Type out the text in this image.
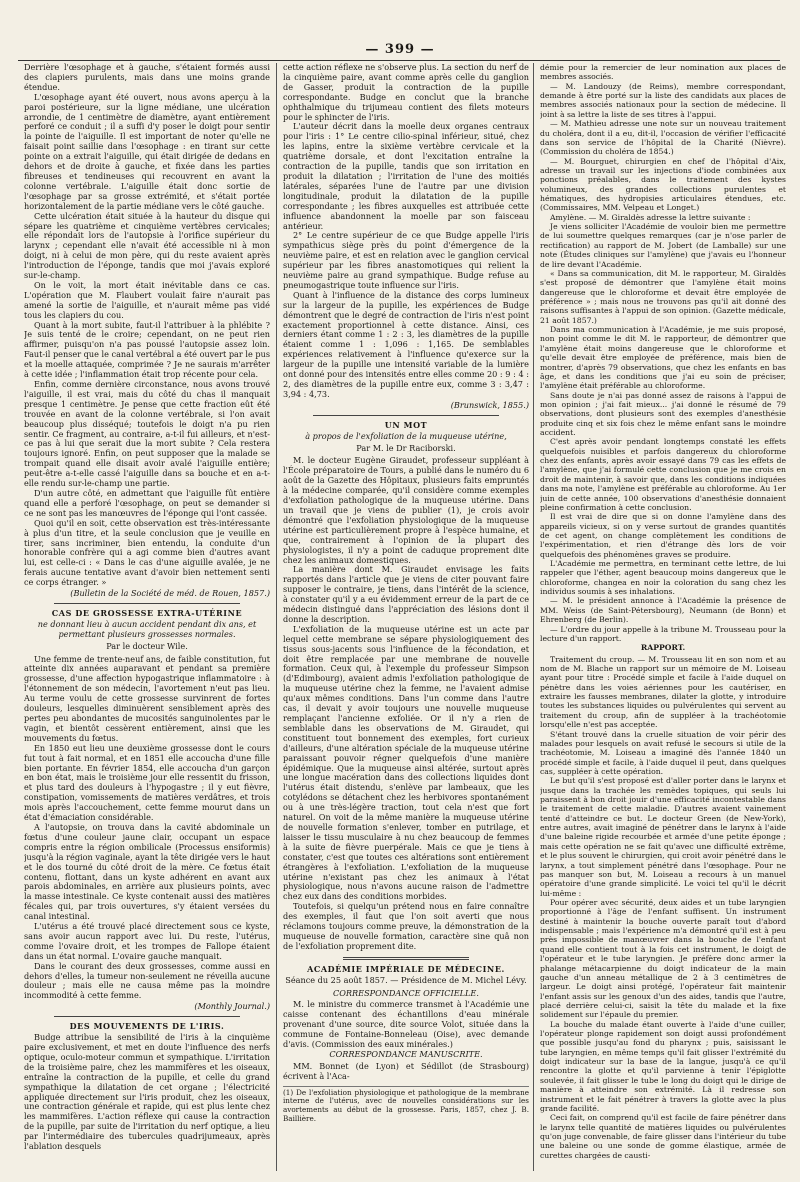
— 399 —

Derrière l'œsophage et à gauche, s'étaient formés aussi des clapiers purulents, mais dans une moins grande étendue.

L'œsophage ayant été ouvert, nous avons aperçu à la paroi postérieure, sur la ligne médiane, une ulcération arrondie, de 1 centimètre de diamètre, ayant entièrement perforé ce conduit ; il a suffi d'y poser le doigt pour sentir la pointe de l'aiguille. Il est important de noter qu'elle ne faisait point saillie dans l'œsophage : en tirant sur cette pointe on a extrait l'aiguille, qui était dirigée de dedans en dehors et de droite à gauche, et fixée dans les parties fibreuses et tendineuses qui recouvrent en avant la colonne vertébrale. L'aiguille était donc sortie de l'œsophage par sa grosse extrémité, et s'était portée horizontalement de la partie médiane vers le côté gauche.

Cette ulcération était située à la hauteur du disque qui sépare les quatrième et cinquième vertèbres cervicales; elle répondait lors de l'autopsie à l'orifice supérieur du larynx ; cependant elle n'avait été accessible ni à mon doigt, ni à celui de mon père, qui du reste avaient après l'introduction de l'éponge, tandis que moi j'avais exploré sur-le-champ.

On le voit, la mort était inévitable dans ce cas. L'opération que M. Flaubert voulait faire n'aurait pas amené la sortie de l'aiguille, et n'aurait même pas vidé tous les clapiers du cou.

Quant à la mort subite, faut-il l'attribuer à la phlébite ? Je suis tenté de le croire; cependant, on ne peut rien affirmer, puisqu'on n'a pas poussé l'autopsie assez loin. Faut-il penser que le canal vertébral a été ouvert par le pus et la moelle attaquée, comprimée ? Je ne saurais m'arrêter à cette idée ; l'inflammation était trop récente pour cela.

Enfin, comme dernière circonstance, nous avons trouvé l'aiguille, il est vrai, mais du côté du chas il manquait presque 1 centimètre. Je pense que cette fraction eût été trouvée en avant de la colonne vertébrale, si l'on avait beaucoup plus disséqué; toutefois le doigt n'a pu rien sentir. Ce fragment, au contraire, a-t-il fui ailleurs, et n'est-ce pas à lui que serait due la mort subite ? Cela restera toujours ignoré. Enfin, on peut supposer que la malade se trompait quand elle disait avoir avalé l'aiguille entière; peut-être a-t-elle cassé l'aiguille dans sa bouche et en a-t-elle rendu sur-le-champ une partie.

D'un autre côté, en admettant que l'aiguille fût entière quand elle a perforé l'œsophage, on peut se demander si ce ne sont pas les manœuvres de l'éponge qui l'ont cassée.

Quoi qu'il en soit, cette observation est très-intéressante à plus d'un titre, et la seule conclusion que je veuille en tirer, sans incriminer, bien entendu, la conduite d'un honorable confrère qui a agi comme bien d'autres avant lui, est celle-ci : « Dans le cas d'une aiguille avalée, je ne ferais aucune tentative avant d'avoir bien nettement senti ce corps étranger. »

(Bulletin de la Société de méd. de Rouen, 1857.)
CAS DE GROSSESSE EXTRA-UTÉRINE
ne donnant lieu à aucun accident pendant dix ans, et permettant plusieurs grossesses normales.
Par le docteur Wile.

Une femme de trente-neuf ans, de faible constitution, fut atteinte dix années auparavant et pendant sa première grossesse, d'une affection hypogastrique inflammatoire : à l'étonnement de son médecin, l'avortement n'eut pas lieu. Au terme voulu de cette grossesse survinrent de fortes douleurs, lesquelles diminuèrent sensiblement après des pertes peu abondantes de mucosités sanguinolentes par le vagin, et bientôt cessèrent entièrement, ainsi que les mouvements du fœtus.

En 1850 eut lieu une deuxième grossesse dont le cours fut tout à fait normal, et en 1851 elle accoucha d'une fille bien portante. En février 1854, elle accoucha d'un garçon en bon état, mais le troisième jour elle ressentit du frisson, et plus tard des douleurs à l'hypogastre ; il y eut fièvre, constipation, vomissements de matières verdâtres, et trois mois après l'accouchement, cette femme mourut dans un état d'émaciation considérable.

A l'autopsie, on trouva dans la cavité abdominale un fœtus d'une couleur jaune clair, occupant un espace compris entre la région ombilicale (Processus ensiformis) jusqu'à la région vaginale, ayant la tête dirigée vers le haut et le dos tourné du côté droit de la mère. Ce fœtus était contenu, flottant, dans un kyste adhérent en avant aux parois abdominales, en arrière aux plusieurs points, avec la masse intestinale. Ce kyste contenait aussi des matières fécales qui, par trois ouvertures, s'y étaient versées du canal intestinal.

L'utérus a été trouvé placé directement sous ce kyste, sans avoir aucun rapport avec lui. Du reste, l'utérus, comme l'ovaire droit, et les trompes de Fallope étaient dans un état normal. L'ovaire gauche manquait.

Dans le courant des deux grossesses, comme aussi en dehors d'elles, la tumeur non-seulement ne réveilla aucune douleur ; mais elle ne causa même pas la moindre incommodité à cette femme.

(Monthly Journal.)
DES MOUVEMENTS DE L'IRIS.

Budge attribue la sensibilité de l'iris à la cinquième paire exclusivement, et met en doute l'influence des nerfs optique, oculo-moteur commun et sympathique. L'irritation de la troisième paire, chez les mammifères et les oiseaux, entraîne la contraction de la pupille, et celle du grand sympathique la dilatation de cet organe ; l'électricité appliquée directement sur l'iris produit, chez les oiseaux, une contraction générale et rapide, qui est plus lente chez les mammifères. L'action réflexe qui cause la contraction de la pupille, par suite de l'irritation du nerf optique, a lieu par l'intermédiaire des tubercules quadrijumeaux, après l'ablation desquels

cette action réflexe ne s'observe plus. La section du nerf de la cinquième paire, avant comme après celle du ganglion de Gasser, produit la contraction de la pupille correspondante. Budge en conclut que la branche ophthalmique du trijumeau contient des filets moteurs pour le sphincter de l'iris.

L'auteur décrit dans la moelle deux organes centraux pour l'iris : 1° Le centre cilio-spinal inférieur, situé, chez les lapins, entre la sixième vertèbre cervicale et la quatrième dorsale, et dont l'excitation entraîne la contraction de la pupille, tandis que son irritation en produit la dilatation ; l'irritation de l'une des moitiés latérales, séparées l'une de l'autre par une division longitudinale, produit la dilatation de la pupille correspondante ; les fibres auxquelles est attribuée cette influence abandonnent la moelle par son faisceau antérieur.

2° Le centre supérieur de ce que Budge appelle l'iris sympathicus siège près du point d'émergence de la neuvième paire, et est en relation avec le ganglion cervical supérieur par les fibres anastomotiques qui relient la neuvième paire au grand sympathique. Budge refuse au pneumogastrique toute influence sur l'iris.

Quant à l'influence de la distance des corps lumineux sur la largeur de la pupille, les expériences de Budge démontrent que le degré de contraction de l'iris n'est point exactement proportionnel à cette distance. Ainsi, ces derniers étant comme 1 : 2 : 3, les diamètres de la pupille étaient comme 1 : 1,096 : 1,165. De semblables expériences relativement à l'influence qu'exerce sur la largeur de la pupille une intensité variable de la lumière ont donné pour des intensités entre elles comme 20 : 9 : 4 : 2, des diamètres de la pupille entre eux, comme 3 : 3,47 : 3,94 : 4,73.

(Brunswick, 1855.)
UN MOT
à propos de l'exfoliation de la muqueuse utérine,
Par M. le Dr Raciborski.

M. le docteur Eugène Giraudet, professeur suppléant à l'École préparatoire de Tours, a publié dans le numéro du 6 août de la Gazette des Hôpitaux, plusieurs faits empruntés à la médecine comparée, qu'il considère comme exemples d'exfoliation pathologique de la muqueuse utérine. Dans un travail que je viens de publier (1), je crois avoir démontré que l'exfoliation physiologique de la muqueuse utérine est particulièrement propre à l'espèce humaine, et que, contrairement à l'opinion de la plupart des physiologistes, il n'y a point de caduque proprement dite chez les animaux domestiques.

La manière dont M. Giraudet envisage les faits rapportés dans l'article que je viens de citer pouvant faire supposer le contraire, je tiens, dans l'intérêt de la science, à constater qu'il y a eu évidemment erreur de la part de ce médecin distingué dans l'appréciation des lésions dont il donne la description.

L'exfoliation de la muqueuse utérine est un acte par lequel cette membrane se sépare physiologiquement des tissus sous-jacents sous l'influence de la fécondation, et doit être remplacée par une membrane de nouvelle formation. Ceux qui, à l'exemple du professeur Simpson (d'Edimbourg), avaient admis l'exfoliation pathologique de la muqueuse utérine chez la femme, ne l'avaient admise qu'aux mêmes conditions. Dans l'un comme dans l'autre cas, il devait y avoir toujours une nouvelle muqueuse remplaçant l'ancienne exfoliée. Or il n'y a rien de semblable dans les observations de M. Giraudet, qui constituent tout bonnement des exemples, fort curieux d'ailleurs, d'une altération spéciale de la muqueuse utérine paraissant pouvoir régner quelquefois d'une manière épidémique. Que la muqueuse ainsi altérée, surtout après une longue macération dans des collections liquides dont l'utérus était distendu, s'enlève par lambeaux, que les cotylédons se détachent chez les herbivores spontanément ou à une très-légère traction, tout cela n'est que fort naturel. On voit de la même manière la muqueuse utérine de nouvelle formation s'enlever, tomber en putrilage, et laisser le tissu musculaire à nu chez beaucoup de femmes à la suite de fièvre puerpérale. Mais ce que je tiens à constater, c'est que toutes ces altérations sont entièrement étrangères à l'exfoliation. L'exfoliation de la muqueuse utérine n'existant pas chez les animaux à l'état physiologique, nous n'avons aucune raison de l'admettre chez eux dans des conditions morbides.

Toutefois, si quelqu'un prétend nous en faire connaître des exemples, il faut que l'on soit averti que nous réclamons toujours comme preuve, la démonstration de la muqueuse de nouvelle formation, caractère sine quâ non de l'exfoliation proprement dite.

ACADÉMIE IMPÉRIALE DE MÉDECINE.
Séance du 25 août 1857. — Présidence de M. Michel Lévy.
CORRESPONDANCE OFFICIELLE.

M. le ministre du commerce transmet à l'Académie une caisse contenant des échantillons d'eau minérale provenant d'une source, dite source Volot, située dans la commune de Fontaine-Bonneleau (Oise), avec demande d'avis. (Commission des eaux minérales.)

CORRESPONDANCE MANUSCRITE.

MM. Bonnet (de Lyon) et Sédillot (de Strasbourg) écrivent à l'Aca-

(1) De l'exfoliation physiologique et pathologique de la membrane interne de l'utérus, avec de nouvelles considérations sur les avortements au début de la grossesse. Paris, 1857, chez J. B. Baillière.

démie pour la remercier de leur nomination aux places de membres associés.

— M. Landouzy (de Reims), membre correspondant, demande à être porté sur la liste des candidats aux places de membres associés nationaux pour la section de médecine. Il joint à sa lettre la liste de ses titres à l'appui.

— M. Mathieu adresse une note sur un nouveau traitement du choléra, dont il a eu, dit-il, l'occasion de vérifier l'efficacité dans son service de l'hôpital de la Charité (Nièvre). (Commission du choléra de 1854.)

— M. Bourguet, chirurgien en chef de l'hôpital d'Aix, adresse un travail sur les injections d'iode combinées aux ponctions préalables, dans le traitement des kystes volumineux, des grandes collections purulentes et hématiques, des hydropisies articulaires étendues, etc. (Commissaires, MM. Velpeau et Longet.)

Amylène. — M. Giraldès adresse la lettre suivante :

Je viens solliciter l'Académie de vouloir bien me permettre de lui soumettre quelques remarques (car je n'ose parler de rectification) au rapport de M. Jobert (de Lamballe) sur une note (Études cliniques sur l'amylène) que j'avais eu l'honneur de lire devant l'Académie.

« Dans sa communication, dit M. le rapporteur, M. Giraldès s'est proposé de démontrer que l'amylène était moins dangereuse que le chloroforme et devait être employée de préférence » ; mais nous ne trouvons pas qu'il ait donné des raisons suffisantes à l'appui de son opinion. (Gazette médicale, 21 août 1857.)

Dans ma communication à l'Académie, je me suis proposé, non point comme le dit M. le rapporteur, de démontrer que l'amylène était moins dangereuse que le chloroforme et qu'elle devait être employée de préférence, mais bien de montrer, d'après 79 observations, que chez les enfants en bas âge, et dans les conditions que j'ai eu soin de préciser, l'amylène était préférable au chloroforme.

Sans doute je n'ai pas donné assez de raisons à l'appui de mon opinion ; j'ai fait mieux... j'ai donné le résumé de 79 observations, dont plusieurs sont des exemples d'anesthésie produite cinq et six fois chez le même enfant sans le moindre accident.

C'est après avoir pendant longtemps constaté les effets quelquefois nuisibles et parfois dangereux du chloroforme chez des enfants, après avoir essayé dans 79 cas les effets de l'amylène, que j'ai formulé cette conclusion que je me crois en droit de maintenir, à savoir que, dans les conditions indiquées dans ma note, l'amylène est préférable au chloroforme. Au 1er juin de cette année, 100 observations d'anesthésie donnaient pleine confirmation à cette conclusion.

Il est vrai de dire que si on donne l'amylène dans des appareils vicieux, si on y verse surtout de grandes quantités de cet agent, on change complètement les conditions de l'expérimentation, et rien d'étrange dès lors de voir quelquefois des phénomènes graves se produire.

L'Académie me permettra, en terminant cette lettre, de lui rappeler que l'éther, agent beaucoup moins dangereux que le chloroforme, changea en noir la coloration du sang chez les individus soumis à ses inhalations.

— M. le président annonce à l'Académie la présence de MM. Weiss (de Saint-Pétersbourg), Neumann (de Bonn) et Ehrenberg (de Berlin).

— L'ordre du jour appelle à la tribune M. Trousseau pour la lecture d'un rapport.

RAPPORT.

Traitement du croup. — M. Trousseau lit en son nom et au nom de M. Blache un rapport sur un mémoire de M. Loiseau ayant pour titre : Procédé simple et facile à l'aide duquel on pénètre dans les voies aériennes pour les cautériser, en extraire les fausses membranes, dilater la glotte, y introduire toutes les substances liquides ou pulvérulentes qui servent au traitement du croup, afin de suppléer à la trachéotomie lorsqu'elle n'est pas acceptée.

S'étant trouvé dans la cruelle situation de voir périr des malades pour lesquels on avait refusé le secours si utile de la trachéotomie, M. Loiseau a imaginé dès l'année 1840 un procédé simple et facile, à l'aide duquel il peut, dans quelques cas, suppléer à cette opération.

Le but qu'il s'est proposé est d'aller porter dans le larynx et jusque dans la trachée les remèdes topiques, qui seuls lui paraissent à bon droit jouir d'une efficacité incontestable dans le traitement de cette maladie. D'autres avaient vainement tenté d'atteindre ce but. Le docteur Green (de New-York), entre autres, avait imaginé de pénétrer dans le larynx à l'aide d'une baleine rigide recourbée et armée d'une petite éponge ; mais cette opération ne se fait qu'avec une difficulté extrême, et le plus souvent le chirurgien, qui croit avoir pénétré dans le larynx, a tout simplement pénétré dans l'œsophage. Pour ne pas manquer son but, M. Loiseau a recours à un manuel opératoire d'une grande simplicité. Le voici tel qu'il le décrit lui-même :

Pour opérer avec sécurité, deux aides et un tube laryngien proportionné à l'âge de l'enfant suffisent. Un instrument destiné à maintenir la bouche ouverte paraît tout d'abord indispensable ; mais l'expérience m'a démontré qu'il est à peu près impossible de manœuvrer dans la bouche de l'enfant quand elle contient tout à la fois cet instrument, le doigt de l'opérateur et le tube laryngien. Je préfère donc armer la phalange métacarpienne du doigt indicateur de la main gauche d'un anneau métallique de 2 à 3 centimètres de largeur. Le doigt ainsi protégé, l'opérateur fait maintenir l'enfant assis sur les genoux d'un des aides, tandis que l'autre, placé derrière celui-ci, saisit la tête du malade et la fixe solidement sur l'épaule du premier.

La bouche du malade étant ouverte à l'aide d'une cuiller, l'opérateur plonge rapidement son doigt aussi profondément que possible jusqu'au fond du pharynx ; puis, saisissant le tube laryngien, en même temps qu'il fait glisser l'extrémité du doigt indicateur sur la base de la langue, jusqu'à ce qu'il rencontre la glotte et qu'il parvienne à tenir l'épiglotte soulevée, il fait glisser le tube le long du doigt qui le dirige de manière à atteindre son extrémité. Là il redresse son instrument et le fait pénétrer à travers la glotte avec la plus grande facilité.

Ceci fait, on comprend qu'il est facile de faire pénétrer dans le larynx telle quantité de matières liquides ou pulvérulentes qu'on juge convenable, de faire glisser dans l'intérieur du tube une baleine ou une sonde de gomme élastique, armée de curettes chargées de causti-
